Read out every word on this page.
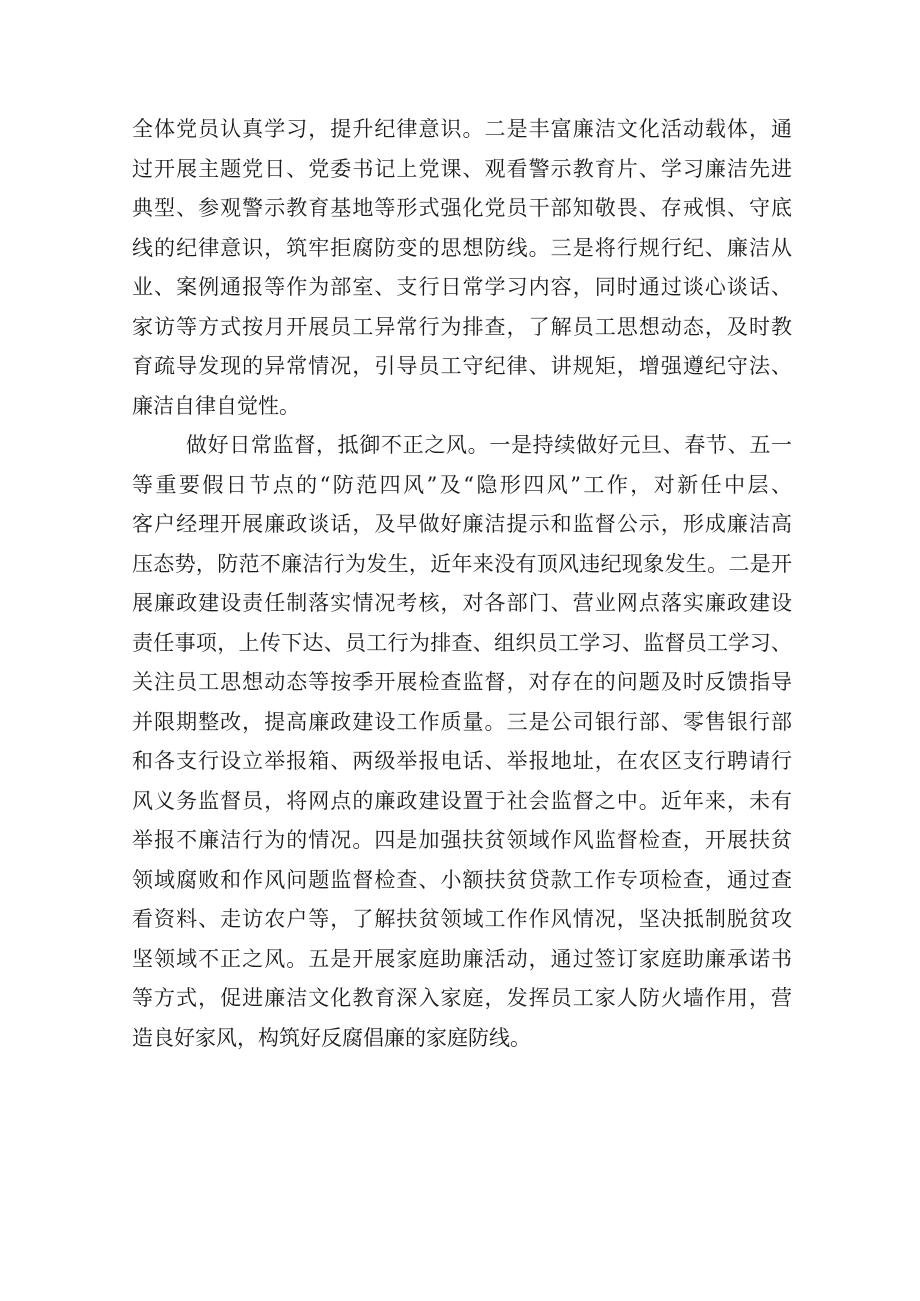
全体党员认真学习，提升纪律意识。二是丰富廉洁文化活动载体，通
过开展主题党日、党委书记上党课、观看警示教育片、学习廉洁先进
典型、参观警示教育基地等形式强化党员干部知敬畏、存戒惧、守底
线的纪律意识，筑牢拒腐防变的思想防线。三是将行规行纪、廉洁从
业、案例通报等作为部室、支行日常学习内容，同时通过谈心谈话、
家访等方式按月开展员工异常行为排查，了解员工思想动态，及时教
育疏导发现的异常情况，引导员工守纪律、讲规矩，增强遵纪守法、
廉洁自律自觉性。

做好日常监督，抵御不正之风。一是持续做好元旦、春节、五一
等重要假日节点的“防范四风”及“隐形四风”工作，对新任中层、
客户经理开展廉政谈话，及早做好廉洁提示和监督公示，形成廉洁高
压态势，防范不廉洁行为发生，近年来没有顶风违纪现象发生。二是开
展廉政建设责任制落实情况考核，对各部门、营业网点落实廉政建设
责任事项，上传下达、员工行为排查、组织员工学习、监督员工学习、
关注员工思想动态等按季开展检查监督，对存在的问题及时反馈指导
并限期整改，提高廉政建设工作质量。三是公司银行部、零售银行部
和各支行设立举报箱、两级举报电话、举报地址，在农区支行聘请行
风义务监督员，将网点的廉政建设置于社会监督之中。近年来，未有
举报不廉洁行为的情况。四是加强扶贫领域作风监督检查，开展扶贫
领域腐败和作风问题监督检查、小额扶贫贷款工作专项检查，通过查
看资料、走访农户等，了解扶贫领域工作作风情况，坚决抵制脱贫攻
坚领域不正之风。五是开展家庭助廉活动，通过签订家庭助廉承诺书
等方式，促进廉洁文化教育深入家庭，发挥员工家人防火墙作用，营
造良好家风，构筑好反腐倡廉的家庭防线。
